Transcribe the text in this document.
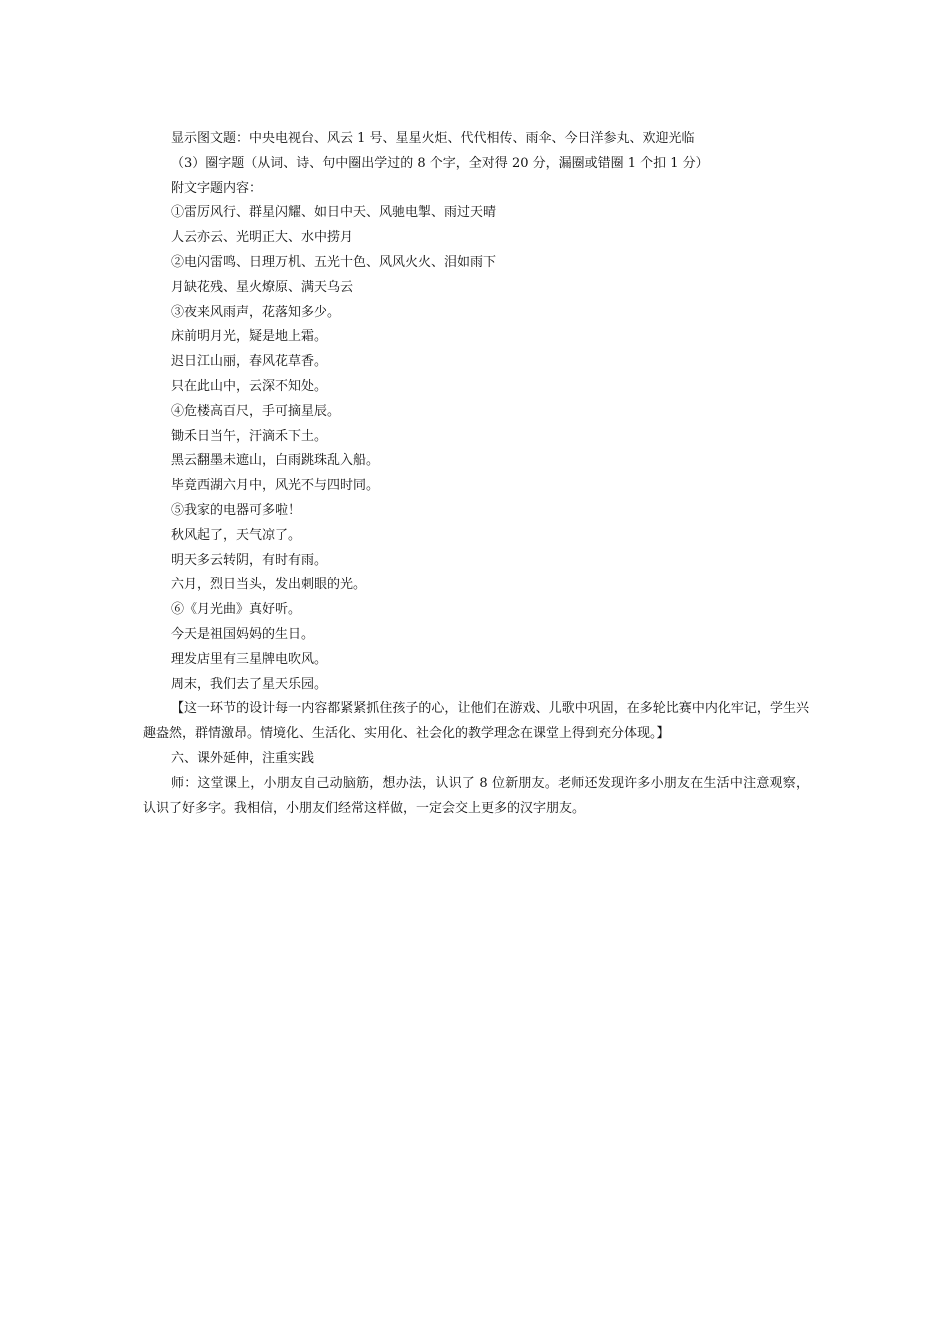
显示图文题：中央电视台、风云 1 号、星星火炬、代代相传、雨伞、今日洋参丸、欢迎光临
（3）圈字题（从词、诗、句中圈出学过的 8 个字，全对得 20 分，漏圈或错圈 1 个扣 1 分）
附文字题内容：
①雷厉风行、群星闪耀、如日中天、风驰电掣、雨过天晴
人云亦云、光明正大、水中捞月
②电闪雷鸣、日理万机、五光十色、风风火火、泪如雨下
月缺花残、星火燎原、满天乌云
③夜来风雨声，花落知多少。
床前明月光，疑是地上霜。
迟日江山丽，春风花草香。
只在此山中，云深不知处。
④危楼高百尺，手可摘星辰。
锄禾日当午，汗滴禾下土。
黑云翻墨未遮山，白雨跳珠乱入船。
毕竟西湖六月中，风光不与四时同。
⑤我家的电器可多啦！
秋风起了，天气凉了。
明天多云转阴，有时有雨。
六月，烈日当头，发出刺眼的光。
⑥《月光曲》真好听。
今天是祖国妈妈的生日。
理发店里有三星牌电吹风。
周末，我们去了星天乐园。
【这一环节的设计每一内容都紧紧抓住孩子的心，让他们在游戏、儿歌中巩固，在多轮比赛中内化牢记，学生兴趣盎然，群情激昂。情境化、生活化、实用化、社会化的教学理念在课堂上得到充分体现。】
六、课外延伸，注重实践
师：这堂课上，小朋友自己动脑筋，想办法，认识了 8 位新朋友。老师还发现许多小朋友在生活中注意观察，认识了好多字。我相信，小朋友们经常这样做，一定会交上更多的汉字朋友。
